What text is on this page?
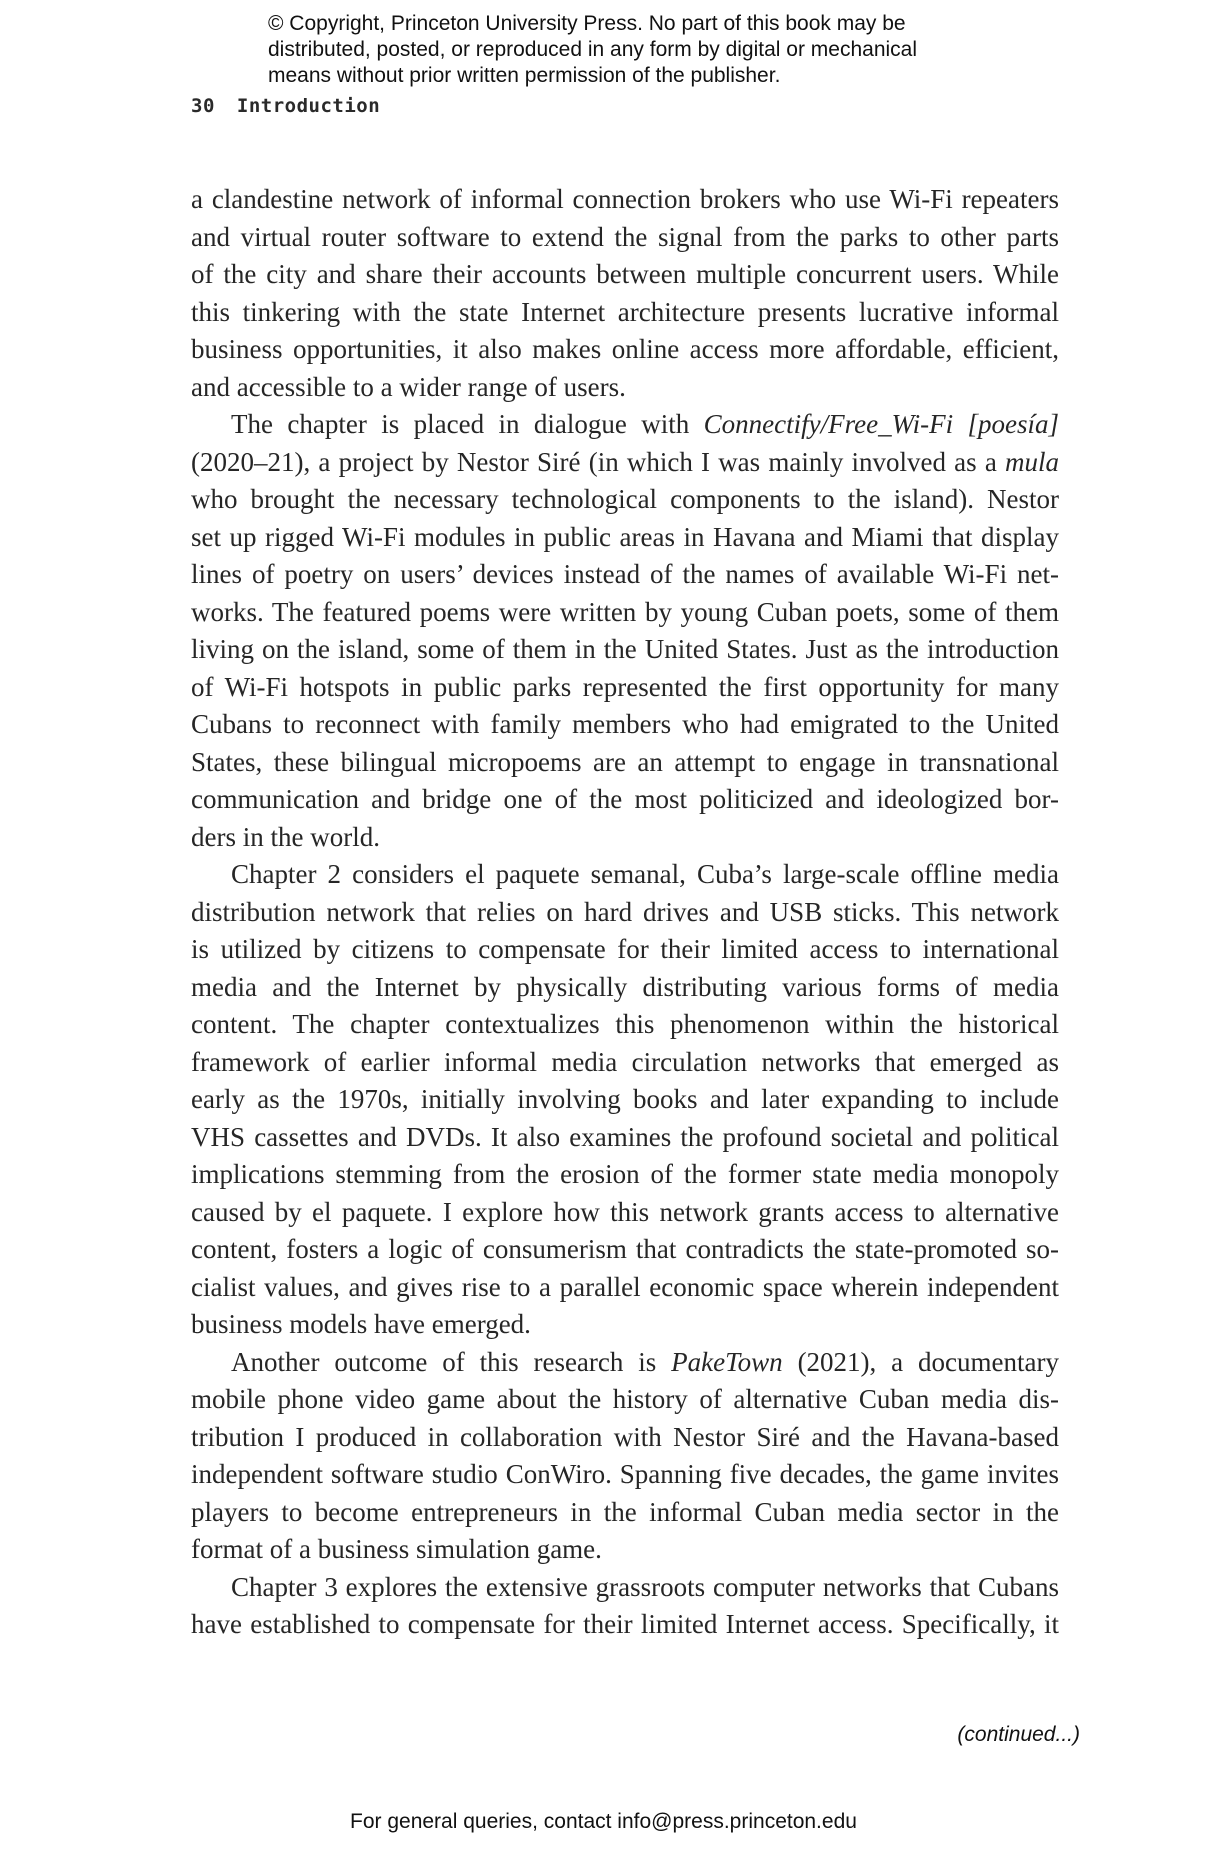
© Copyright, Princeton University Press. No part of this book may be
distributed, posted, or reproduced in any form by digital or mechanical
means without prior written permission of the publisher.
30 Introduction
a clandestine network of informal connection brokers who use Wi-Fi repeaters
and virtual router software to extend the signal from the parks to other parts
of the city and share their accounts between multiple concurrent users. While
this tinkering with the state Internet architecture presents lucrative informal
business opportunities, it also makes online access more affordable, efficient,
and accessible to a wider range of users.
The chapter is placed in dialogue with Connectify/Free_Wi-Fi [poesía]
(2020–21), a project by Nestor Siré (in which I was mainly involved as a mula
who brought the necessary technological components to the island). Nestor
set up rigged Wi-Fi modules in public areas in Havana and Miami that display
lines of poetry on users’ devices instead of the names of available Wi-Fi net-
works. The featured poems were written by young Cuban poets, some of them
living on the island, some of them in the United States. Just as the introduction
of Wi-Fi hotspots in public parks represented the first opportunity for many
Cubans to reconnect with family members who had emigrated to the United
States, these bilingual micropoems are an attempt to engage in transnational
communication and bridge one of the most politicized and ideologized bor-
ders in the world.
Chapter 2 considers el paquete semanal, Cuba’s large-scale offline media
distribution network that relies on hard drives and USB sticks. This network
is utilized by citizens to compensate for their limited access to international
media and the Internet by physically distributing various forms of media
content. The chapter contextualizes this phenomenon within the historical
framework of earlier informal media circulation networks that emerged as
early as the 1970s, initially involving books and later expanding to include
VHS cassettes and DVDs. It also examines the profound societal and political
implications stemming from the erosion of the former state media monopoly
caused by el paquete. I explore how this network grants access to alternative
content, fosters a logic of consumerism that contradicts the state-promoted so-
cialist values, and gives rise to a parallel economic space wherein independent
business models have emerged.
Another outcome of this research is PakeTown (2021), a documentary
mobile phone video game about the history of alternative Cuban media dis-
tribution I produced in collaboration with Nestor Siré and the Havana-based
independent software studio ConWiro. Spanning five decades, the game invites
players to become entrepreneurs in the informal Cuban media sector in the
format of a business simulation game.
Chapter 3 explores the extensive grassroots computer networks that Cubans
have established to compensate for their limited Internet access. Specifically, it
(continued...)
For general queries, contact info@press.princeton.edu
